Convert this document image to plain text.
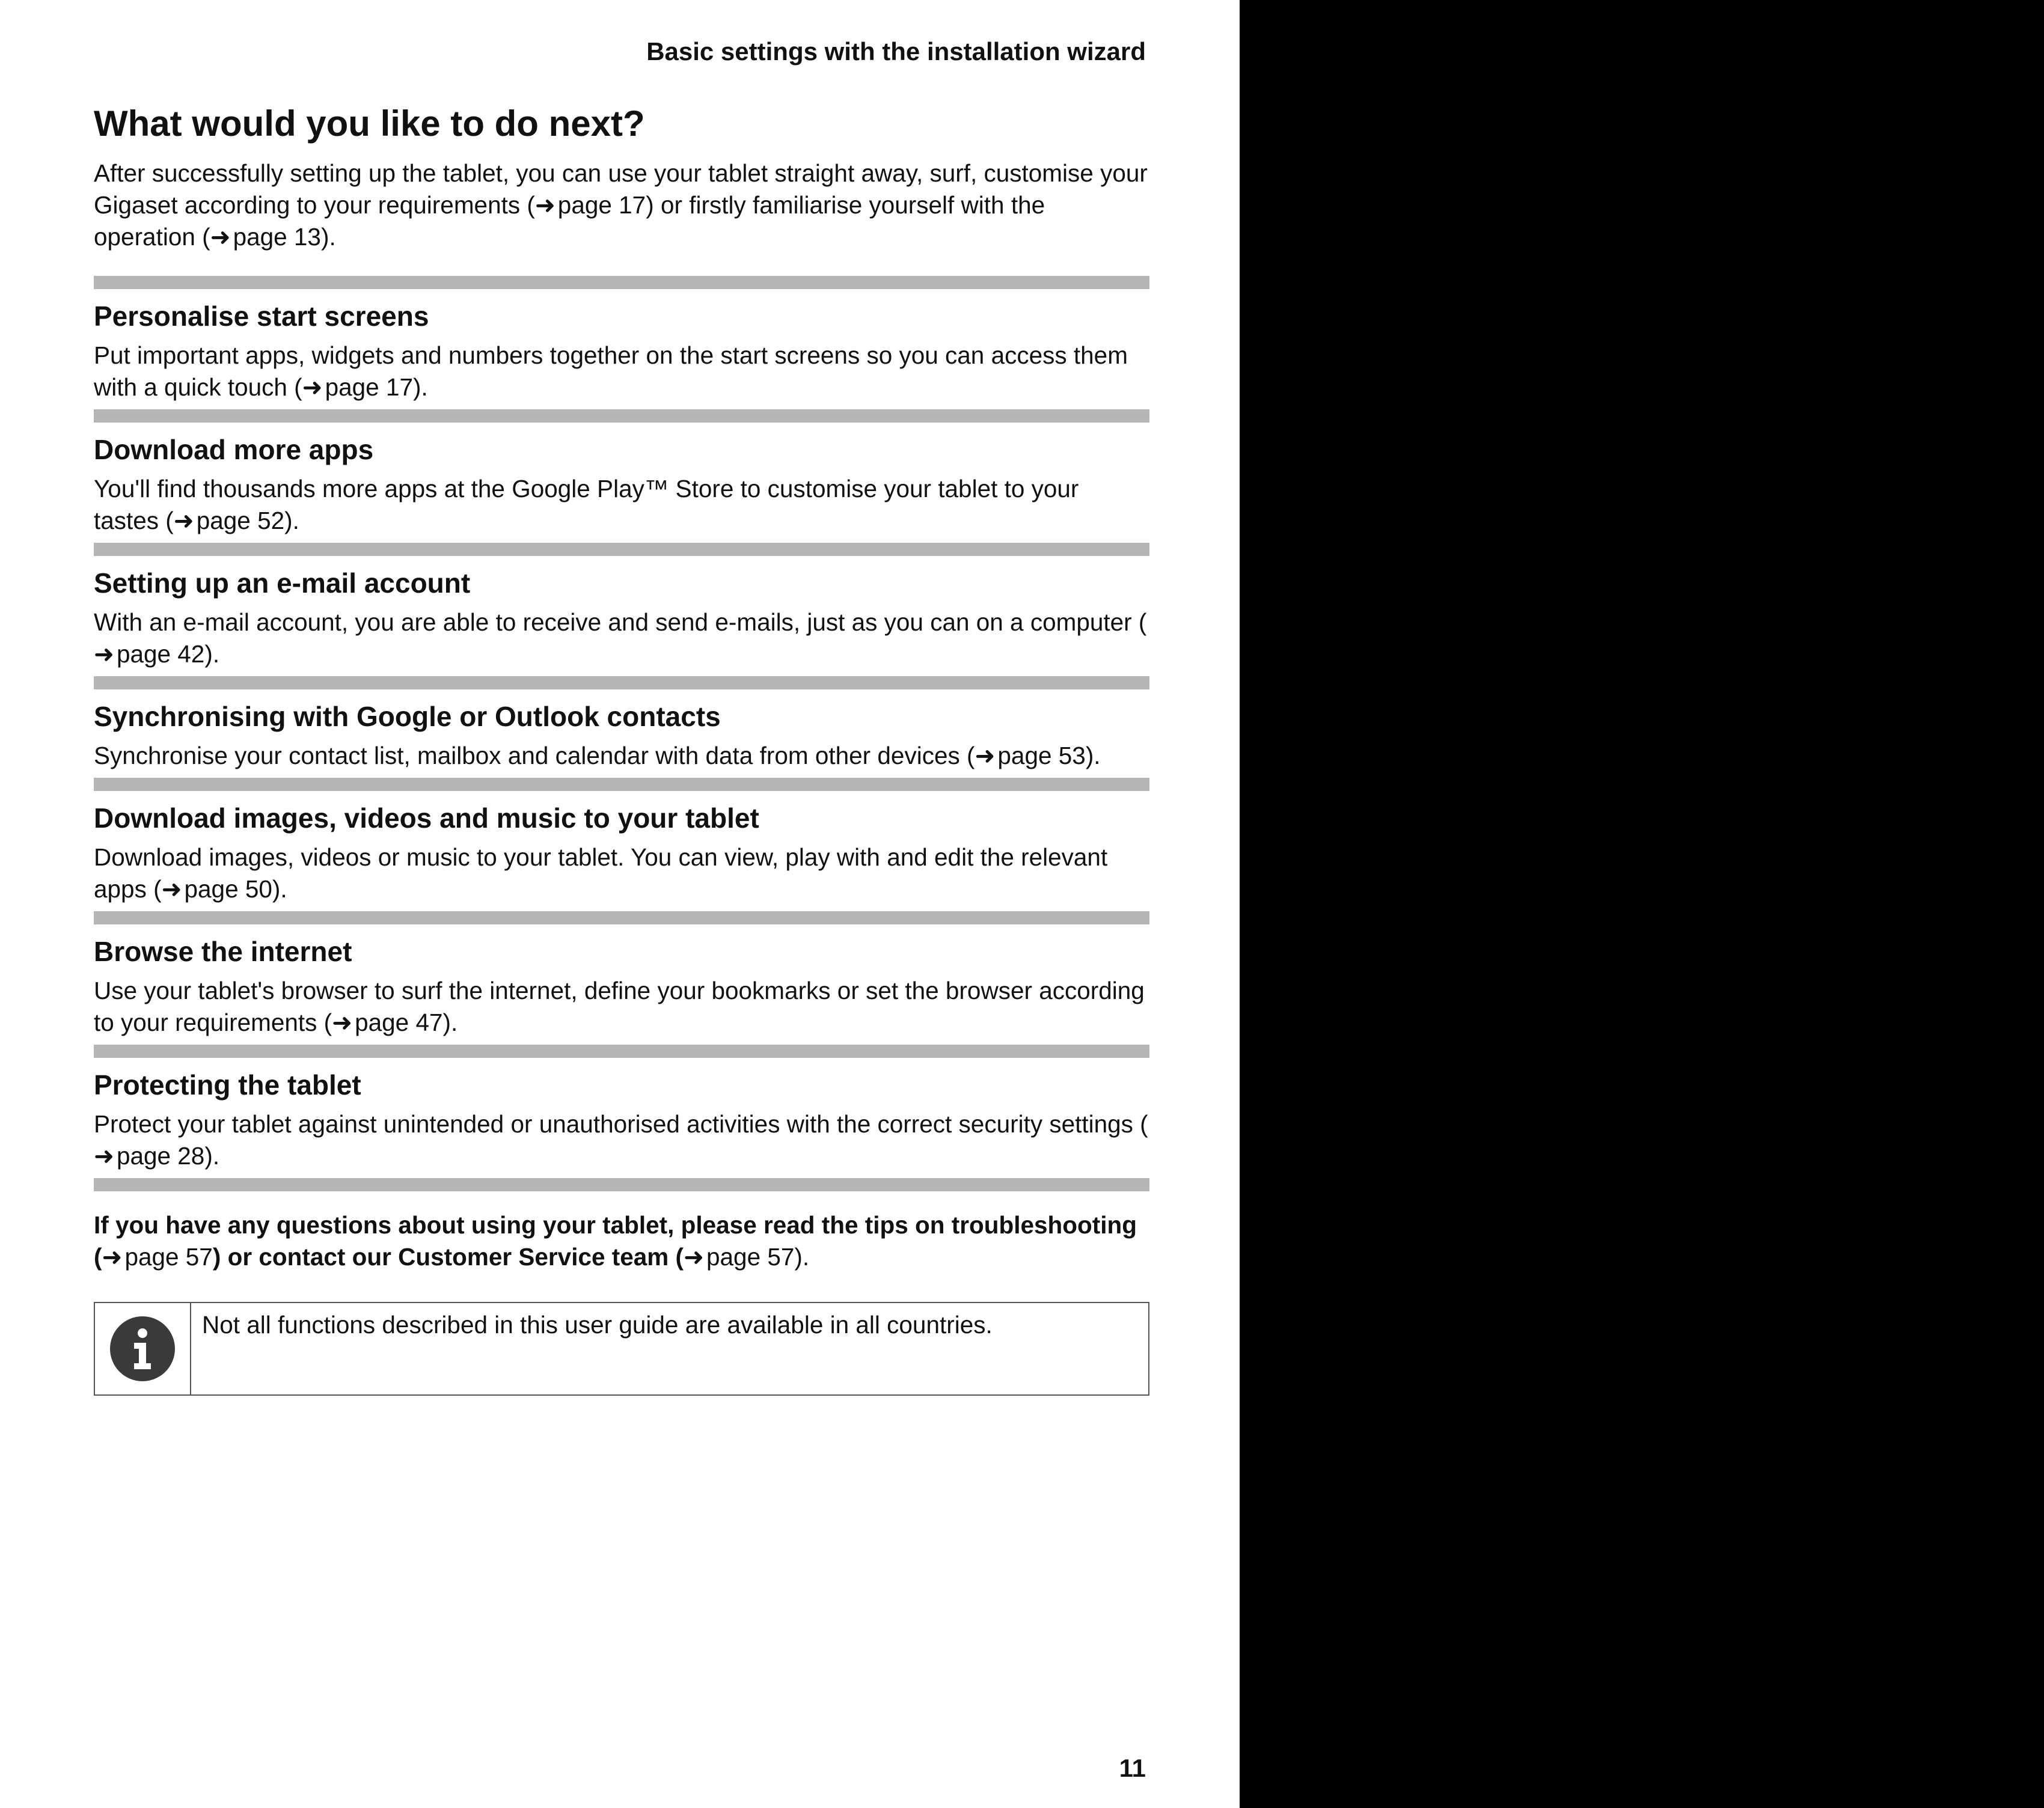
Basic settings with the installation wizard
What would you like to do next?

After successfully setting up the tablet, you can use your tablet straight away, surf, customise your Gigaset according to your requirements (➜page 17) or firstly familiarise yourself with the operation (➜page 13).

Personalise start screens

Put important apps, widgets and numbers together on the start screens so you can access them with a quick touch (➜page 17).

Download more apps

You'll find thousands more apps at the Google Play™ Store to customise your tablet to your tastes (➜page 52).

Setting up an e-mail account

With an e-mail account, you are able to receive and send e-mails, just as you can on a computer (➜page 42).

Synchronising with Google or Outlook contacts

Synchronise your contact list, mailbox and calendar with data from other devices (➜page 53).

Download images, videos and music to your tablet

Download images, videos or music to your tablet. You can view, play with and edit the relevant apps (➜page 50).

Browse the internet

Use your tablet's browser to surf the internet, define your bookmarks or set the browser according to your requirements (➜page 47).

Protecting the tablet

Protect your tablet against unintended or unauthorised activities with the correct security settings (➜page 28).

If you have any questions about using your tablet, please read the tips on troubleshooting (➜page 57) or contact our Customer Service team (➜page 57).

Not all functions described in this user guide are available in all countries.
11
